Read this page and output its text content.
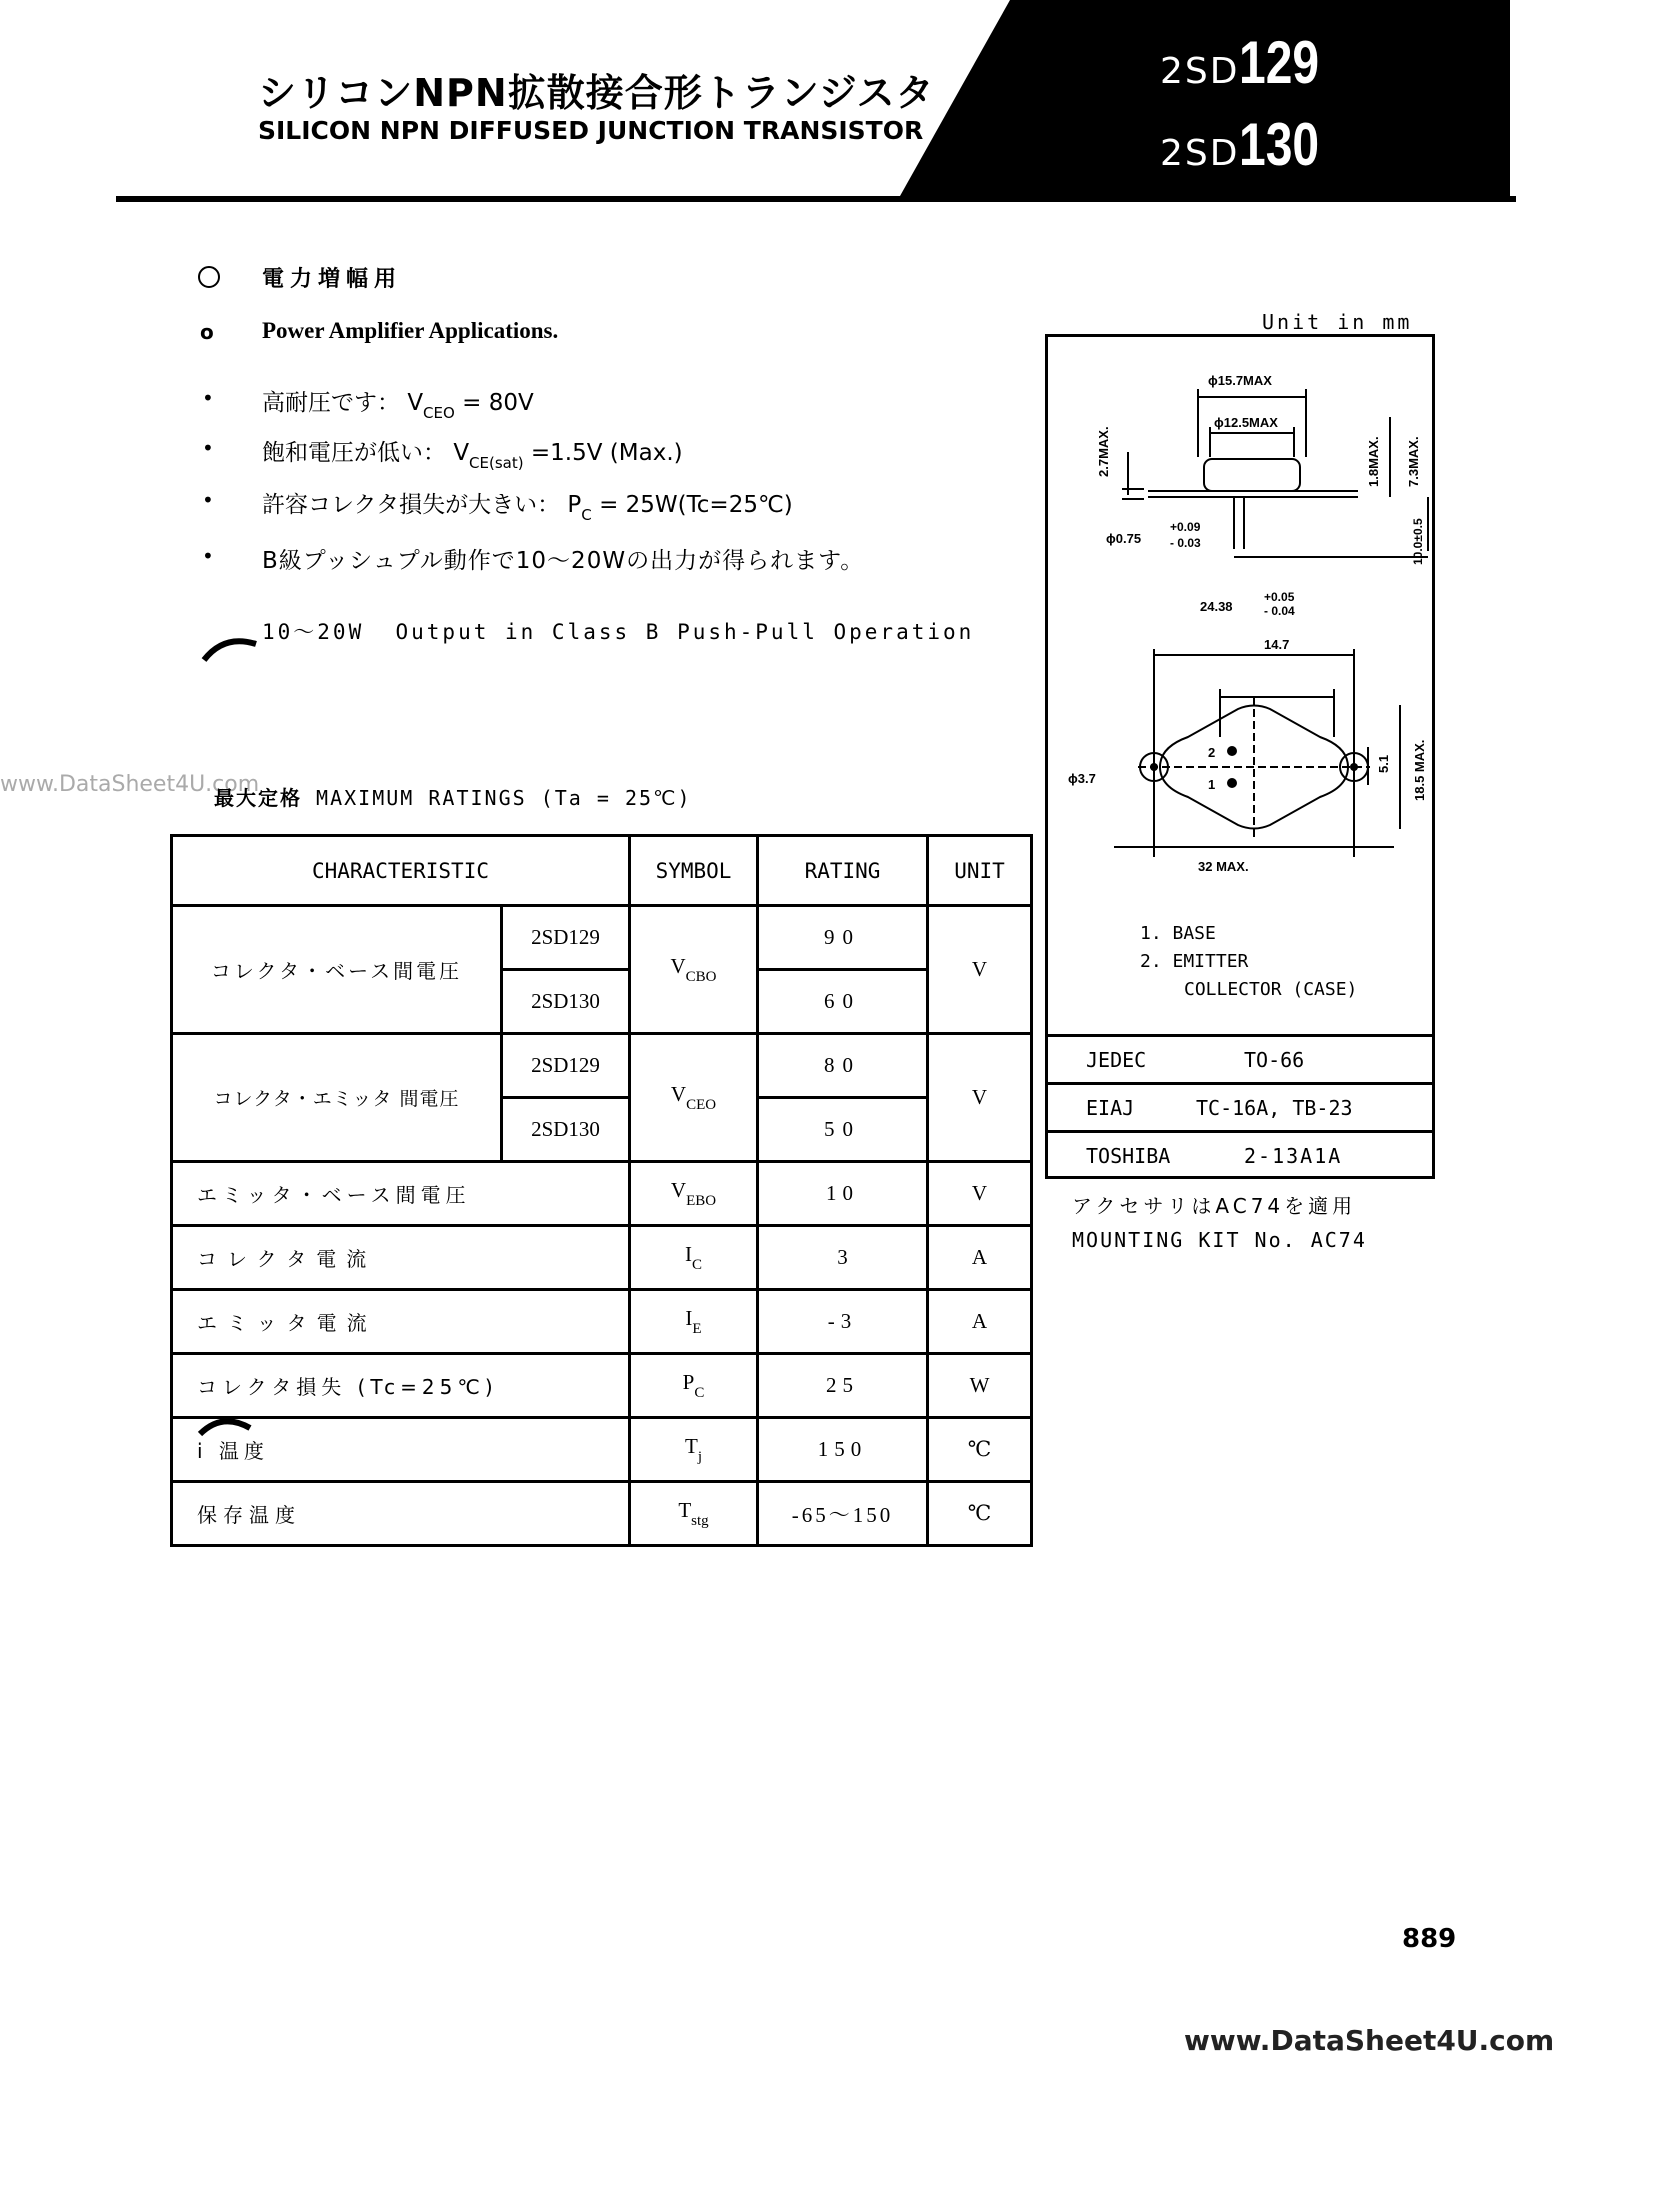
2SD129
2SD130
シリコンNPN拡散接合形トランジスタ
SILICON NPN DIFFUSED JUNCTION TRANSISTOR
電力増幅用
o Power Amplifier Applications.
• 高耐圧です： $V_{CEO} = 80V$
• 飽和電圧が低い： $V_{CE(sat)} =1.5V$ (Max.)
• 許容コレクタ損失が大きい： $P_C$ = 25W(Tc=25℃)
• B級プッシュプル動作で10〜20Wの出力が得られます。
10〜20W  Output in Class B Push-Pull Operation
www.DataSheet4U.com
最大定格 MAXIMUM RATINGS (Ta = 25℃)
CHARACTERISTIC		SYMBOL	RATING	UNIT
コレクタ・ベース間電圧	2SD129	$V_{CBO}$	90	V
	2SD130		60	
コレクタ・エミッタ 間電圧	2SD129	$V_{CEO}$	80	V
	2SD130		50	
エミッタ・ベース間電圧		$V_{EBO}$	10	V
コレクタ電流		$I_C$	3	A
エミッタ電流		$I_E$	-3	A
コレクタ損失 (Tc=25℃)		$P_C$	25	W
i 温度		$T_j$	150	℃
保存温度		$T_{stg}$	-65〜150	℃
Unit in mm
ϕ15.7MAX
ϕ12.5MAX
2.7MAX.	1.8MAX. 7.3MAX.
ϕ0.75
+0.09
- 0.03	10.0±0.5
24.38
+0.05
- 0.04
14.7
ϕ3.7
5.1 18.5 MAX.
32 MAX.
2
1
1. BASE
2. EMITTER
COLLECTOR (CASE)
JEDEC	TO-66
EIAJ	TC-16A, TB-23
TOSHIBA	2-13A1A
アクセサリはAC74を適用
MOUNTING KIT No. AC74
889
www.DataSheet4U.com
